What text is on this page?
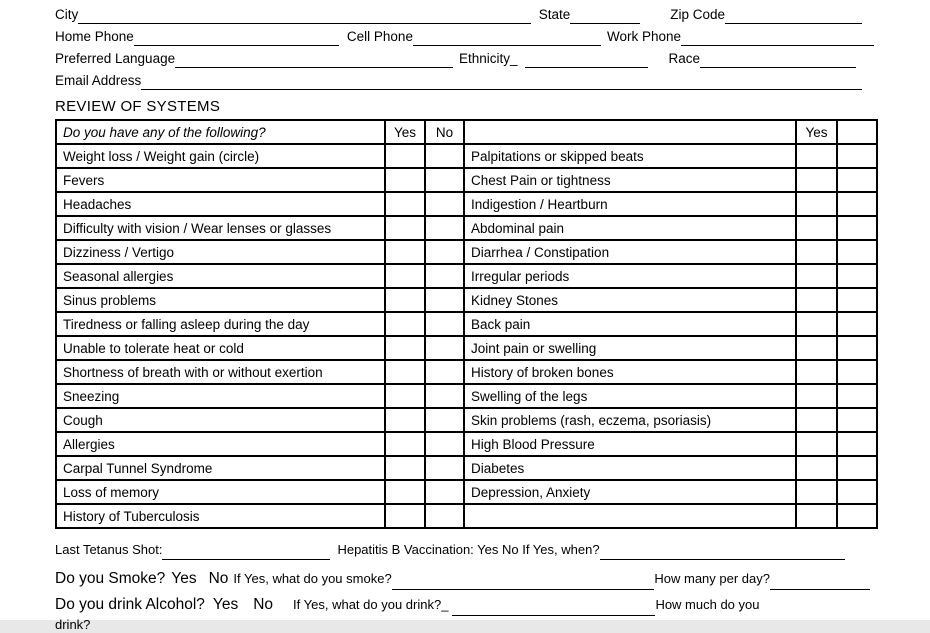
City	State	Zip Code
Home Phone	Cell Phone	Work Phone
Preferred Language	Ethnicity_	Race
Email Address
REVIEW OF SYSTEMS
Do you have any of the following?	Yes	No		Yes	
Weight loss / Weight gain (circle)			Palpitations or skipped beats		
Fevers			Chest Pain or tightness		
Headaches			Indigestion / Heartburn		
Difficulty with vision / Wear lenses or glasses			Abdominal pain		
Dizziness / Vertigo			Diarrhea / Constipation		
Seasonal allergies			Irregular periods		
Sinus problems			Kidney Stones		
Tiredness or falling asleep during the day			Back pain		
Unable to tolerate heat or cold			Joint pain or swelling		
Shortness of breath with or without exertion			History of broken bones		
Sneezing			Swelling of the legs		
Cough			Skin problems (rash, eczema, psoriasis)		
Allergies			High Blood Pressure		
Carpal Tunnel Syndrome			Diabetes		
Loss of memory			Depression, Anxiety		
History of Tuberculosis					
Last Tetanus Shot:	Hepatitis B Vaccination: Yes No If Yes, when?
Do you Smoke? Yes No If Yes, what do you smoke?	How many per day?
Do you drink Alcohol? Yes No If Yes, what do you drink?_	How much do you
drink?
